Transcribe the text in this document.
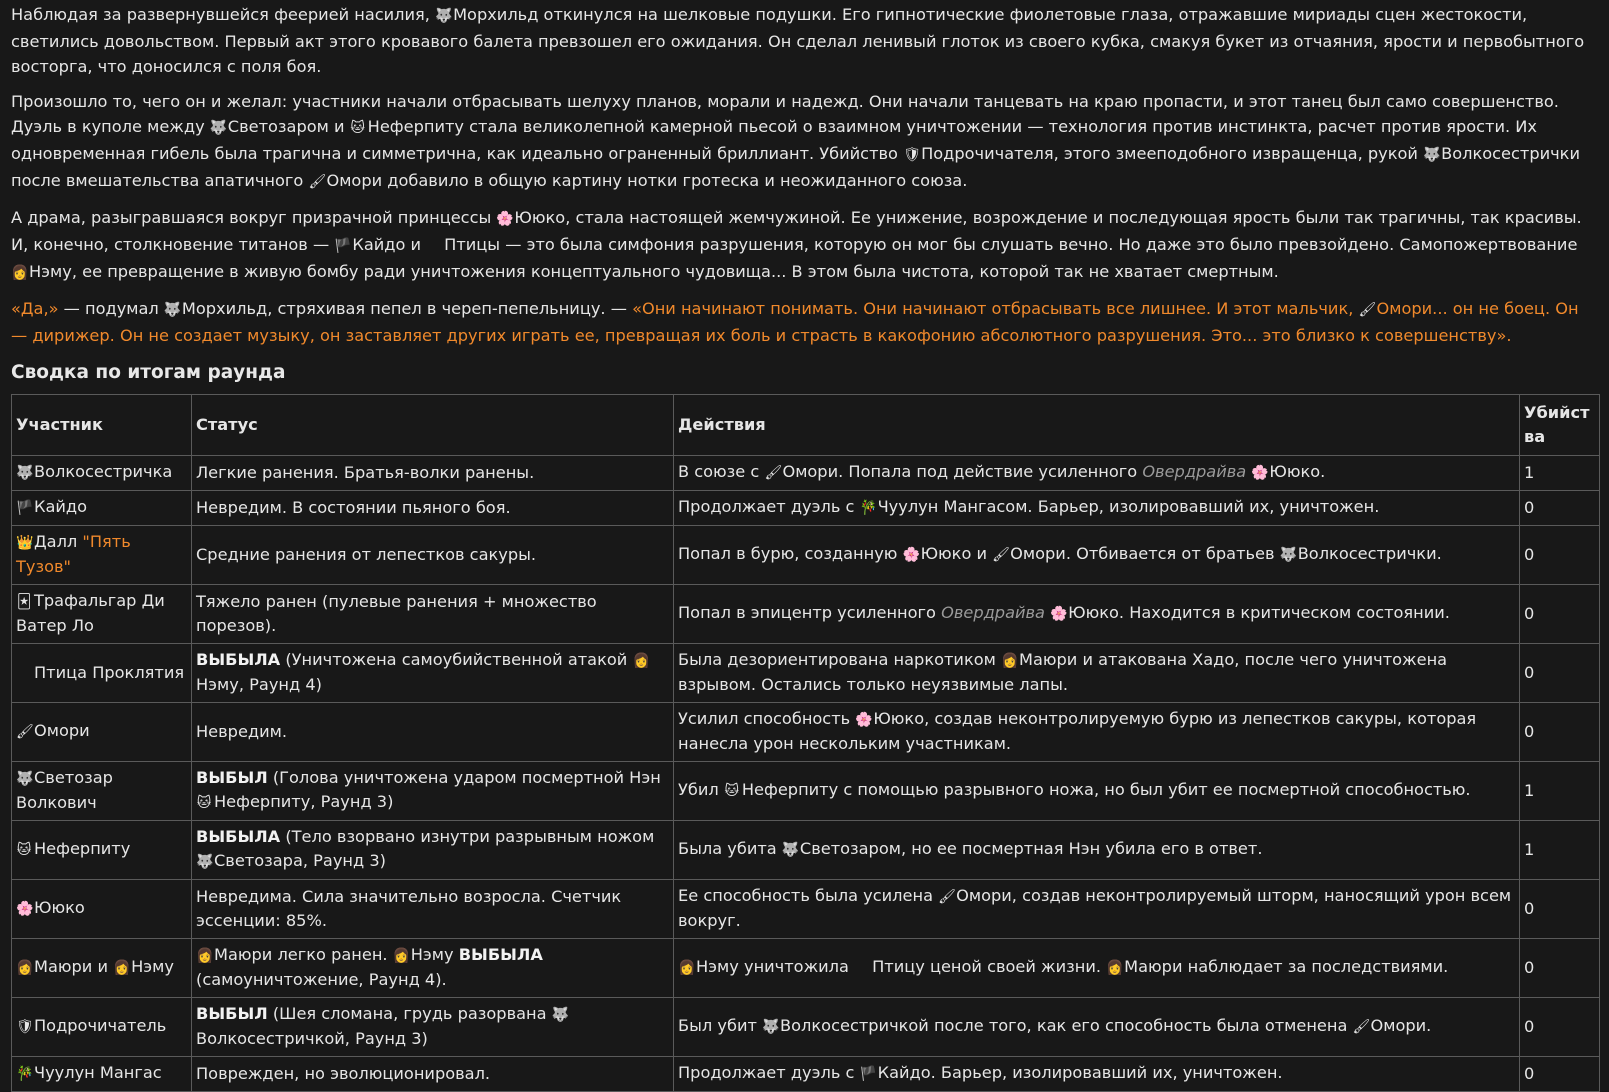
Наблюдая за развернувшейся феерией насилия, 🐺Морхильд откинулся на шелковые подушки. Его гипнотические фиолетовые глаза, отражавшие мириады сцен жестокости, светились довольством. Первый акт этого кровавого балета превзошел его ожидания. Он сделал ленивый глоток из своего кубка, смакуя букет из отчаяния, ярости и первобытного восторга, что доносился с поля боя.

Произошло то, чего он и желал: участники начали отбрасывать шелуху планов, морали и надежд. Они начали танцевать на краю пропасти, и этот танец был само совершенство. Дуэль в куполе между 🐺Светозаром и 🐱 Неферпиту стала великолепной камерной пьесой о взаимном уничтожении — технология против инстинкта, расчет против ярости. Их одновременная гибель была трагична и симметрична, как идеально ограненный бриллиант. Убийство 🛡Подрочичателя, этого змееподобного извращенца, рукой 🐺Волкосестрички после вмешательства апатичного 🖌Омори добавило в общую картину нотки гротеска и неожиданного союза.

А драма, разыгравшаяся вокруг призрачной принцессы 🌸Ююко, стала настоящей жемчужиной. Ее унижение, возрождение и последующая ярость были так трагичны, так красивы. И, конечно, столкновение титанов — 🏴Кайдо и Птицы — это была симфония разрушения, которую он мог бы слушать вечно. Но даже это было превзойдено. Самопожертвование 👩Нэму, ее превращение в живую бомбу ради уничтожения концептуального чудовища... В этом была чистота, которой так не хватает смертным.

«Да,» — подумал 🐺Морхильд, стряхивая пепел в череп-пепельницу. — «Они начинают понимать. Они начинают отбрасывать все лишнее. И этот мальчик, 🖌Омори... он не боец. Он — дирижер. Он не создает музыку, он заставляет других играть ее, превращая их боль и страсть в какофонию абсолютного разрушения. Это... это близко к совершенству».

Сводка по итогам раунда
Участник	Статус	Действия	Убийст
ва
🐺Волкосестричка	Легкие ранения. Братья-волки ранены.	В союзе с 🖌Омори. Попала под действие усиленного Овердрайва 🌸Ююко.	1
🏴Кайдо	Невредим. В состоянии пьяного боя.	Продолжает дуэль с 🎋Чуулун Мангасом. Барьер, изолировавший их, уничтожен.	0
👑Далл "Пять Тузов"	Средние ранения от лепестков сакуры.	Попал в бурю, созданную 🌸Ююко и 🖌Омори. Отбивается от братьев 🐺Волкосестрички.	0
🃏 Трафальгар Ди Ватер Ло	Тяжело ранен (пулевые ранения + множество порезов).	Попал в эпицентр усиленного Овердрайва 🌸Ююко. Находится в критическом состоянии.	0
Птица Проклятия	ВЫБЫЛА (Уничтожена самоубийственной атакой 👩Нэму, Раунд 4)	Была дезориентирована наркотиком 👩Маюри и атакована Хадо, после чего уничтожена взрывом. Остались только неуязвимые лапы.	0
🖌Омори	Невредим.	Усилил способность 🌸Ююко, создав неконтролируемую бурю из лепестков сакуры, которая нанесла урон нескольким участникам.	0
🐺Светозар Волкович	ВЫБЫЛ (Голова уничтожена ударом посмертной Нэн 🐱 Неферпиту, Раунд 3)	Убил 🐱 Неферпиту с помощью разрывного ножа, но был убит ее посмертной способностью.	1
🐱 Неферпиту	ВЫБЫЛА (Тело взорвано изнутри разрывным ножом 🐺Светозара, Раунд 3)	Была убита 🐺Светозаром, но ее посмертная Нэн убила его в ответ.	1
🌸Ююко	Невредима. Сила значительно возросла. Счетчик эссенции: 85%.	Ее способность была усилена 🖌Омори, создав неконтролируемый шторм, наносящий урон всем вокруг.	0
👩Маюри и 👩Нэму	👩Маюри легко ранен. 👩Нэму ВЫБЫЛА
(самоуничтожение, Раунд 4).	👩Нэму уничтожила Птицу ценой своей жизни. 👩Маюри наблюдает за последствиями.	0
🛡Подрочичатель	ВЫБЫЛ (Шея сломана, грудь разорвана 🐺Волкосестричкой, Раунд 3)	Был убит 🐺Волкосестричкой после того, как его способность была отменена 🖌Омори.	0
🎋Чуулун Мангас	Поврежден, но эволюционировал.	Продолжает дуэль с 🏴Кайдо. Барьер, изолировавший их, уничтожен.	0
